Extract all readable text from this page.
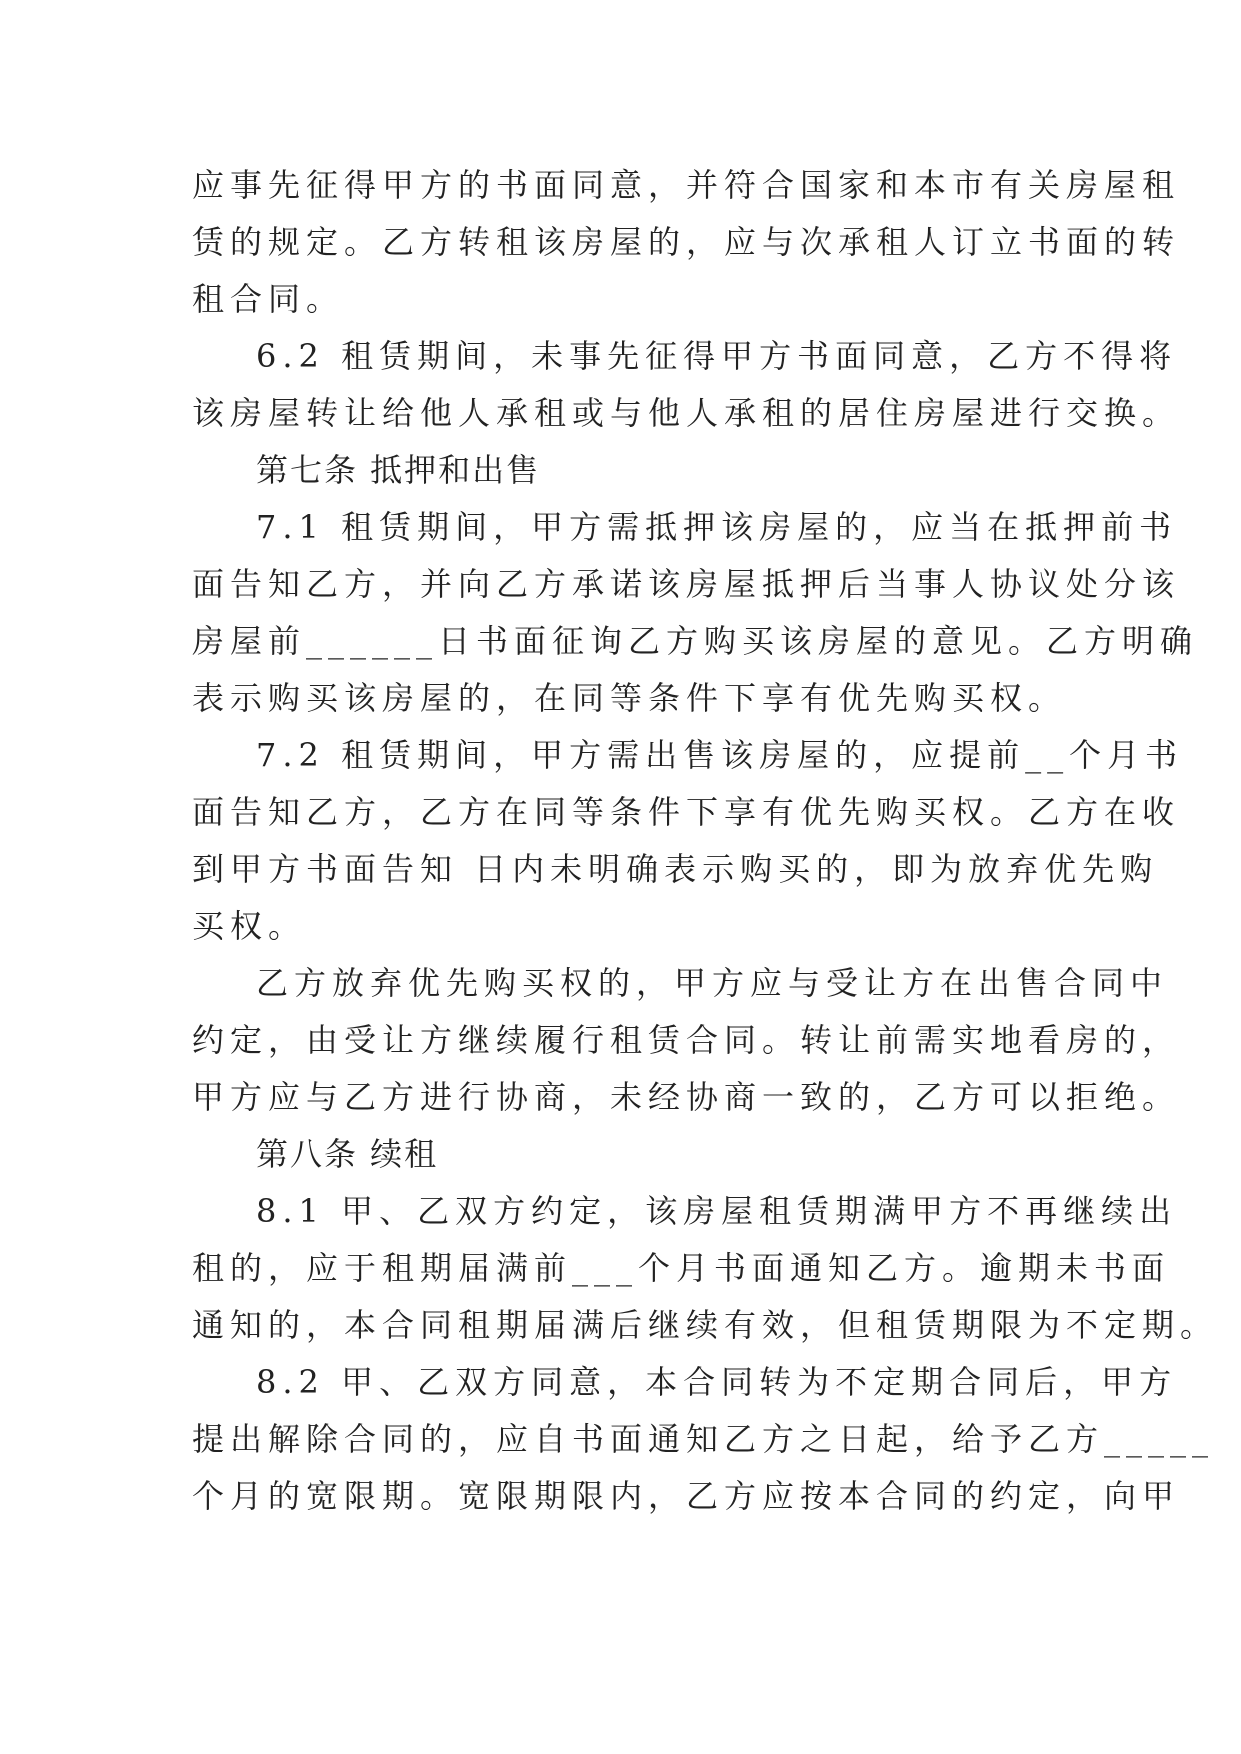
应事先征得甲方的书面同意，并符合国家和本市有关房屋租
赁的规定。乙方转租该房屋的，应与次承租人订立书面的转
租合同。
6.2 租赁期间，未事先征得甲方书面同意，乙方不得将
该房屋转让给他人承租或与他人承租的居住房屋进行交换。
第七条 抵押和出售
7.1 租赁期间，甲方需抵押该房屋的，应当在抵押前书
面告知乙方，并向乙方承诺该房屋抵押后当事人协议处分该
房屋前______日书面征询乙方购买该房屋的意见。乙方明确
表示购买该房屋的，在同等条件下享有优先购买权。
7.2 租赁期间，甲方需出售该房屋的，应提前__个月书
面告知乙方，乙方在同等条件下享有优先购买权。乙方在收
到甲方书面告知 日内未明确表示购买的，即为放弃优先购
买权。
乙方放弃优先购买权的，甲方应与受让方在出售合同中
约定，由受让方继续履行租赁合同。转让前需实地看房的，
甲方应与乙方进行协商，未经协商一致的，乙方可以拒绝。
第八条 续租
8.1 甲、乙双方约定，该房屋租赁期满甲方不再继续出
租的，应于租期届满前___个月书面通知乙方。逾期未书面
通知的，本合同租期届满后继续有效，但租赁期限为不定期。
8.2 甲、乙双方同意，本合同转为不定期合同后，甲方
提出解除合同的，应自书面通知乙方之日起，给予乙方_____
个月的宽限期。宽限期限内，乙方应按本合同的约定，向甲
